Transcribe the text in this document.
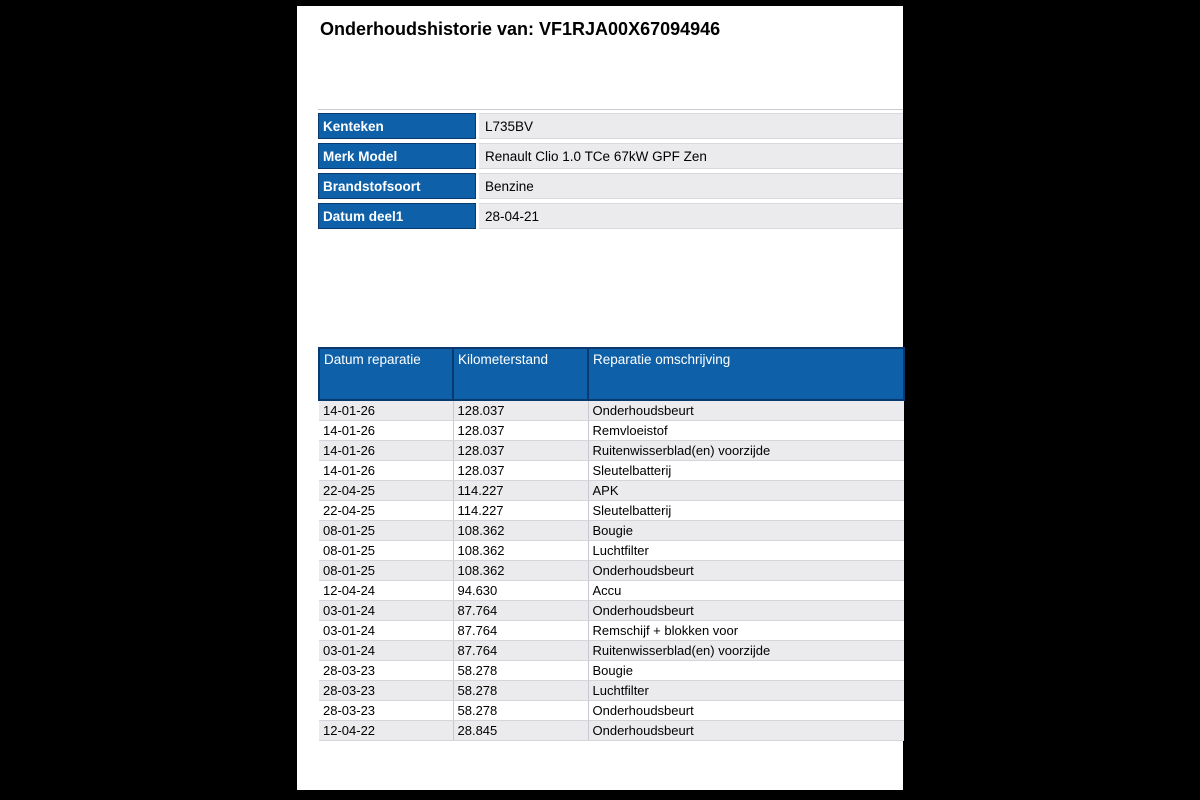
Onderhoudshistorie van: VF1RJA00X67094946
Kenteken	L735BV
Merk Model	Renault Clio 1.0 TCe 67kW GPF Zen
Brandstofsoort	Benzine
Datum deel1	28-04-21
Datum reparatie	Kilometerstand	Reparatie omschrijving
14-01-26	128.037	Onderhoudsbeurt
14-01-26	128.037	Remvloeistof
14-01-26	128.037	Ruitenwisserblad(en) voorzijde
14-01-26	128.037	Sleutelbatterij
22-04-25	114.227	APK
22-04-25	114.227	Sleutelbatterij
08-01-25	108.362	Bougie
08-01-25	108.362	Luchtfilter
08-01-25	108.362	Onderhoudsbeurt
12-04-24	94.630	Accu
03-01-24	87.764	Onderhoudsbeurt
03-01-24	87.764	Remschijf + blokken voor
03-01-24	87.764	Ruitenwisserblad(en) voorzijde
28-03-23	58.278	Bougie
28-03-23	58.278	Luchtfilter
28-03-23	58.278	Onderhoudsbeurt
12-04-22	28.845	Onderhoudsbeurt
